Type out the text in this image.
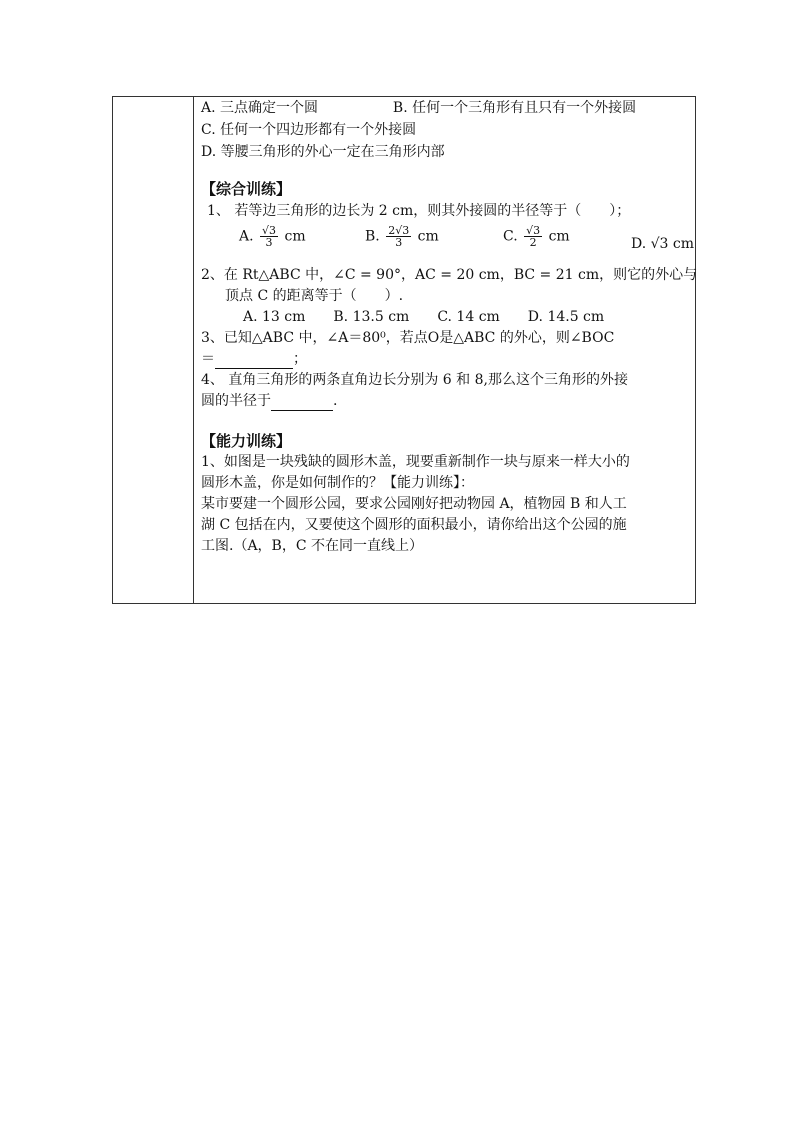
A. 三点确定一个圆	B. 任何一个三角形有且只有一个外接圆
C. 任何一个四边形都有一个外接圆
D. 等腰三角形的外心一定在三角形内部
【综合训练】
1、 若等边三角形的边长为 2 cm，则其外接圆的半径等于（　　）；
A. $\frac{√3}{3}$ cm	B. $\frac{2√3}{3}$ cm	C. $\frac{√3}{2}$ cm	D. √3 cm
2、在 Rt△ABC 中，∠C = 90°，AC = 20 cm，BC = 21 cm，则它的外心与
顶点 C 的距离等于（　　）.
A. 13 cm　　B. 13.5 cm　　C. 14 cm　　D. 14.5 cm
3、已知△ABC 中，∠A＝80⁰，若点O是△ABC 的外心，则∠BOC
＝	；
4、 直角三角形的两条直角边长分别为 6 和 8,那么这个三角形的外接
圆的半径于	.
【能力训练】
1、如图是一块残缺的圆形木盖，现要重新制作一块与原来一样大小的
圆形木盖，你是如何制作的？【能力训练】：
某市要建一个圆形公园，要求公园刚好把动物园 A，植物园 B 和人工
湖 C 包括在内，又要使这个圆形的面积最小，请你给出这个公园的施
工图.（A，B，C 不在同一直线上）
